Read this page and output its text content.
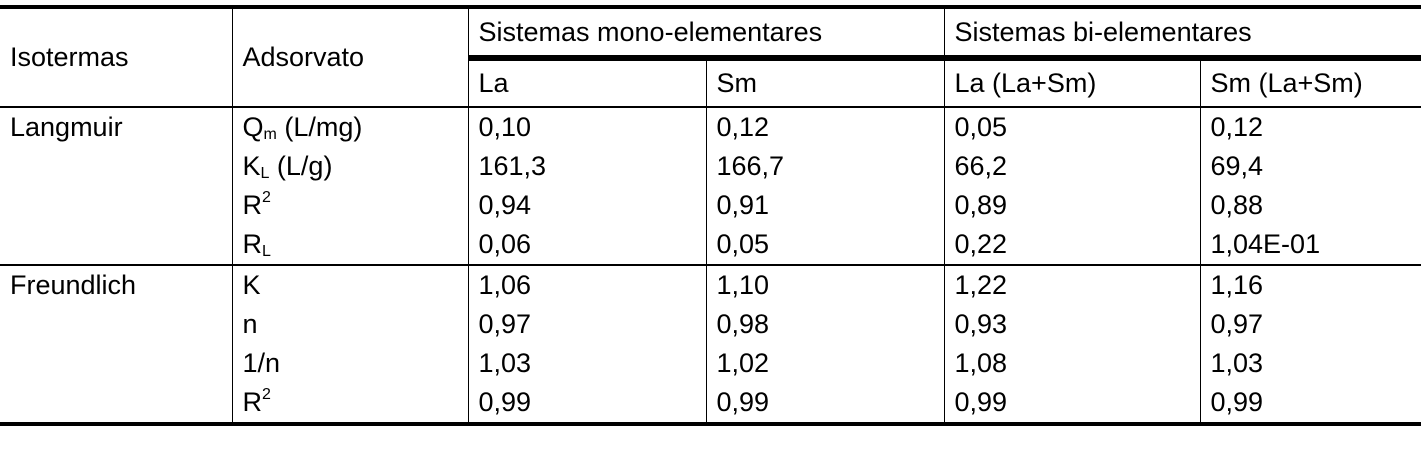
Isotermas	Adsorvato	Sistemas mono-elementares		Sistemas bi-elementares	
		La	Sm	La (La+Sm)	Sm (La+Sm)
Langmuir	$Q_m$ (L/mg)	0,10	0,12	0,05	0,12
	$K_L$ (L/g)	161,3	166,7	66,2	69,4
	$R^2$	0,94	0,91	0,89	0,88
	$R_L$	0,06	0,05	0,22	1,04E-01
Freundlich	K	1,06	1,10	1,22	1,16
	n	0,97	0,98	0,93	0,97
	1/n	1,03	1,02	1,08	1,03
	$R^2$	0,99	0,99	0,99	0,99
